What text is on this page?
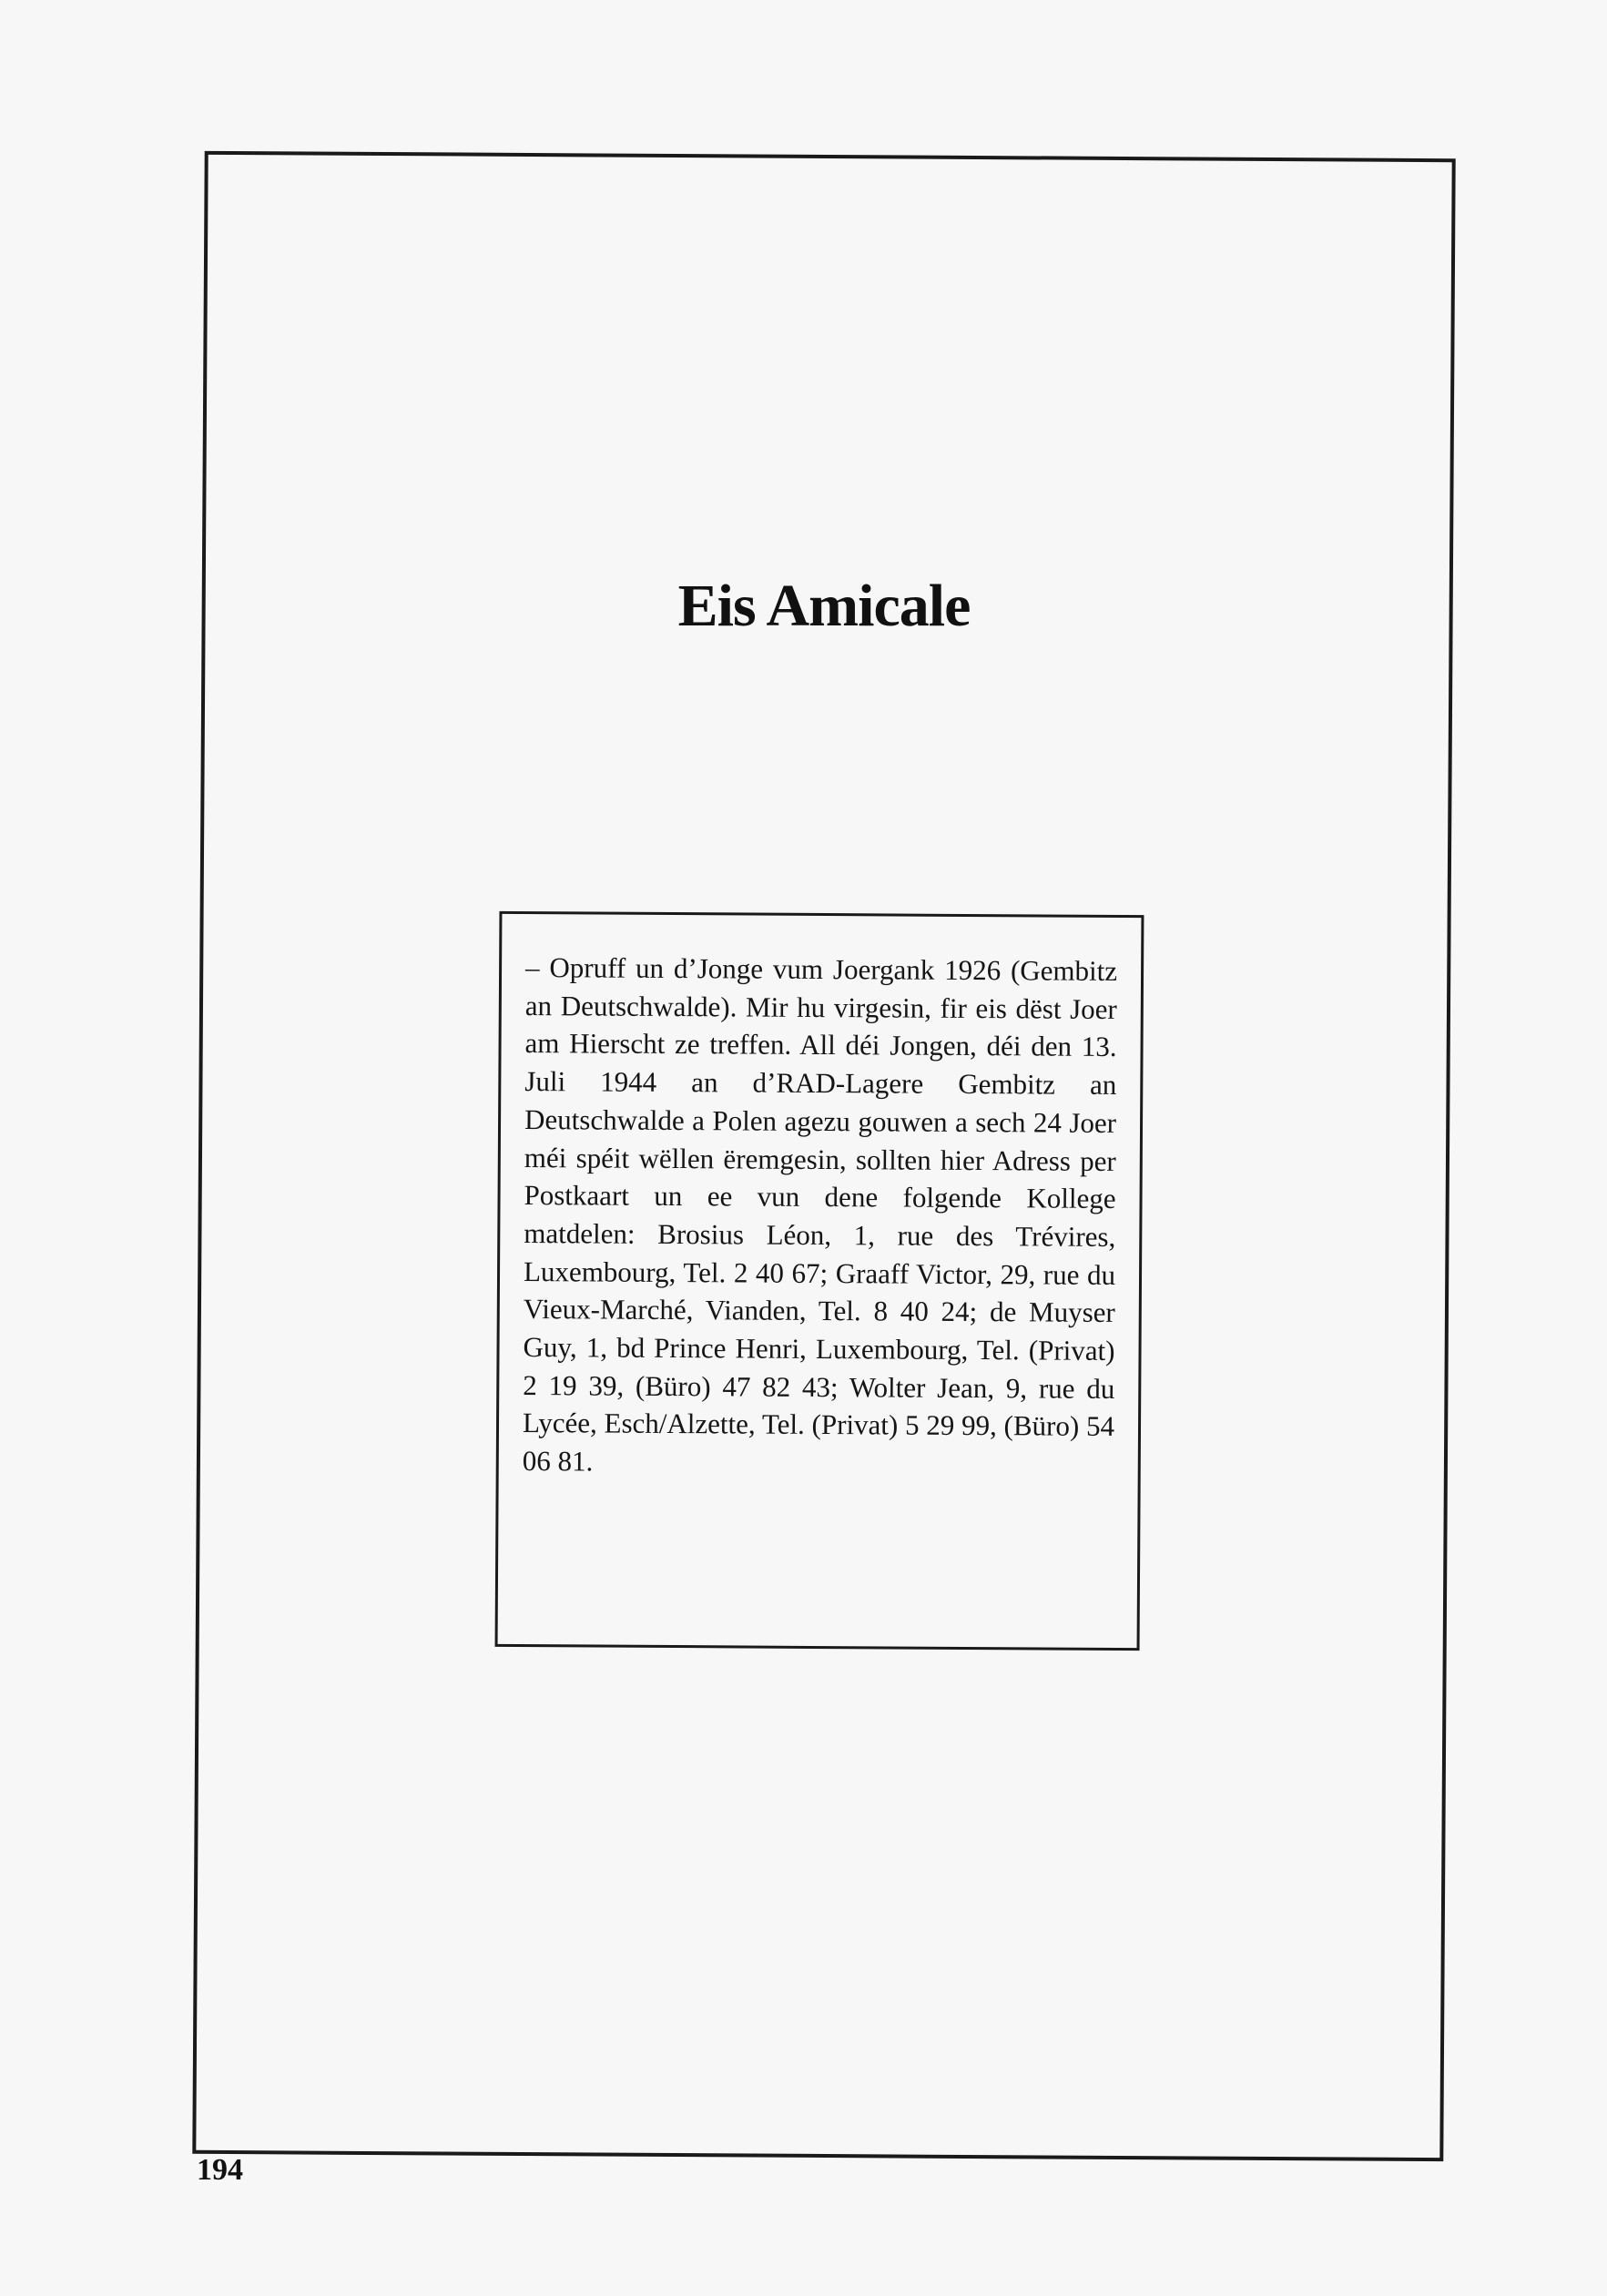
Eis Amicale

– Opruff un d’Jonge vum Joergank 1926 (Gembitz an Deutschwalde). Mir hu virgesin, fir eis dëst Joer am Hierscht ze treffen. All déi Jongen, déi den 13. Juli 1944 an d’RAD-Lagere Gembitz an Deutschwalde a Polen agezu gouwen a sech 24 Joer méi spéit wëllen ëremgesin, sollten hier Adress per Postkaart un ee vun dene folgende Kollege matdelen: Brosius Léon, 1, rue des Trévires, Luxembourg, Tel. 2 40 67; Graaff Victor, 29, rue du Vieux-Marché, Vianden, Tel. 8 40 24; de Muyser Guy, 1, bd Prince Henri, Luxembourg, Tel. (Privat) 2 19 39, (Büro) 47 82 43; Wolter Jean, 9, rue du Lycée, Esch/Alzette, Tel. (Privat) 5 29 99, (Büro) 54 06 81.

194
